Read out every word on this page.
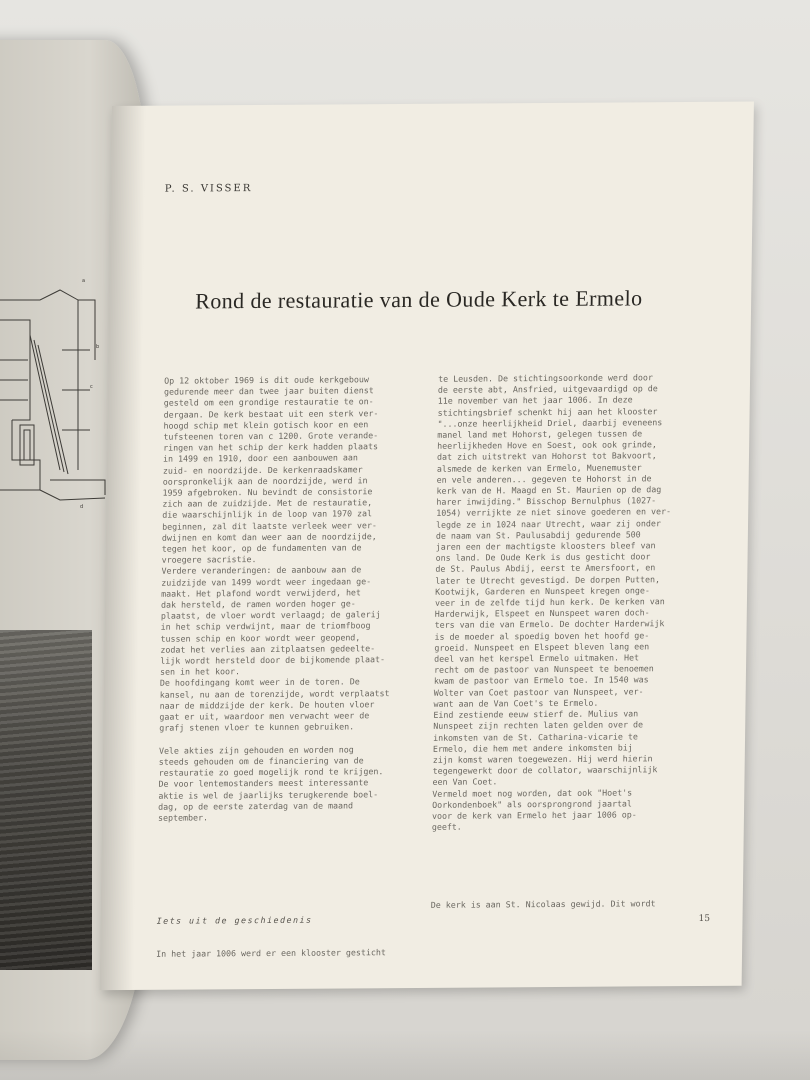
a
b
c
d
P. S. VISSER
Rond de restauratie van de Oude Kerk te Ermelo

Op 12 oktober 1969 is dit oude kerkgebouw

gedurende meer dan twee jaar buiten dienst

gesteld om een grondige restauratie te on-

dergaan. De kerk bestaat uit een sterk ver-

hoogd schip met klein gotisch koor en een

tufsteenen toren van c 1200. Grote verande-

ringen van het schip der kerk hadden plaats

in 1499 en 1910, door een aanbouwen aan

zuid- en noordzijde. De kerkenraadskamer

oorspronkelijk aan de noordzijde, werd in

1959 afgebroken. Nu bevindt de consistorie

zich aan de zuidzijde. Met de restauratie,

die waarschijnlijk in de loop van 1970 zal

beginnen, zal dit laatste verleek weer ver-

dwijnen en komt dan weer aan de noordzijde,

tegen het koor, op de fundamenten van de

vroegere sacristie.

Verdere veranderingen: de aanbouw aan de

zuidzijde van 1499 wordt weer ingedaan ge-

maakt. Het plafond wordt verwijderd, het

dak hersteld, de ramen worden hoger ge-

plaatst, de vloer wordt verlaagd; de galerij

in het schip verdwijnt, maar de triomfboog

tussen schip en koor wordt weer geopend,

zodat het verlies aan zitplaatsen gedeelte-

lijk wordt hersteld door de bijkomende plaat-

sen in het koor.

De hoofdingang komt weer in de toren. De

kansel, nu aan de torenzijde, wordt verplaatst

naar de middzijde der kerk. De houten vloer

gaat er uit, waardoor men verwacht weer de

grafj stenen vloer te kunnen gebruiken.

Vele akties zijn gehouden en worden nog

steeds gehouden om de financiering van de

restauratie zo goed mogelijk rond te krijgen.

De voor lentemostanders meest interessante

aktie is wel de jaarlijks terugkerende boel-

dag, op de eerste zaterdag van de maand

september.

te Leusden. De stichtingsoorkonde werd door

de eerste abt, Ansfried, uitgevaardigd op de

11e november van het jaar 1006. In deze

stichtingsbrief schenkt hij aan het klooster

"...onze heerlijkheid Driel, daarbij eveneens

manel land met Hohorst, gelegen tussen de

heerlijkheden Hove en Soest, ook ook grinde,

dat zich uitstrekt van Hohorst tot Bakvoort,

alsmede de kerken van Ermelo, Muenemuster

en vele anderen... gegeven te Hohorst in de

kerk van de H. Maagd en St. Maurien op de dag

harer inwijding." Bisschop Bernulphus (1027-

1054) verrijkte ze niet sinove goederen en ver-

legde ze in 1024 naar Utrecht, waar zij onder

de naam van St. Paulusabdij gedurende 500

jaren een der machtigste kloosters bleef van

ons land. De Oude Kerk is dus gesticht door

de St. Paulus Abdij, eerst te Amersfoort, en

later te Utrecht gevestigd. De dorpen Putten,

Kootwijk, Garderen en Nunspeet kregen onge-

veer in de zelfde tijd hun kerk. De kerken van

Harderwijk, Elspeet en Nunspeet waren doch-

ters van die van Ermelo. De dochter Harderwijk

is de moeder al spoedig boven het hoofd ge-

groeid. Nunspeet en Elspeet bleven lang een

deel van het kerspel Ermelo uitmaken. Het

recht om de pastoor van Nunspeet te benoemen

kwam de pastoor van Ermelo toe. In 1540 was

Wolter van Coet pastoor van Nunspeet, ver-

want aan de Van Coet's te Ermelo.

Eind zestiende eeuw stierf de. Mulius van

Nunspeet zijn rechten laten gelden over de

inkomsten van de St. Catharina-vicarie te

Ermelo, die hem met andere inkomsten bij

zijn komst waren toegewezen. Hij werd hierin

tegengewerkt door de collator, waarschijnlijk

een Van Coet.

Vermeld moet nog worden, dat ook "Hoet's

Oorkondenboek" als oorsprongrond jaartal

voor de kerk van Ermelo het jaar 1006 op-

geeft.

Iets uit de geschiedenis

In het jaar 1006 werd er een klooster gesticht

De kerk is aan St. Nicolaas gewijd. Dit wordt
15
